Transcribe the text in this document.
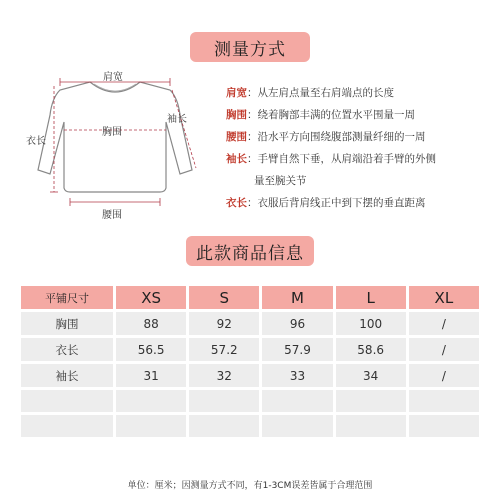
测量方式
肩宽
袖长
胸围
衣长
腰围
肩宽：从左肩点量至右肩端点的长度
胸围：绕着胸部丰满的位置水平围量一周
腰围：沿水平方向围绕腹部测量纤细的一周
袖长：手臂自然下垂，从肩端沿着手臂的外侧
量至腕关节
衣长：衣服后背肩线正中到下摆的垂直距离
此款商品信息
平铺尺寸	XS	S	M	L	XL
胸围	88	92	96	100	/
衣长	56.5	57.2	57.9	58.6	/
袖长	31	32	33	34	/

单位：厘米；因测量方式不同，有1-3CM误差皆属于合理范围
